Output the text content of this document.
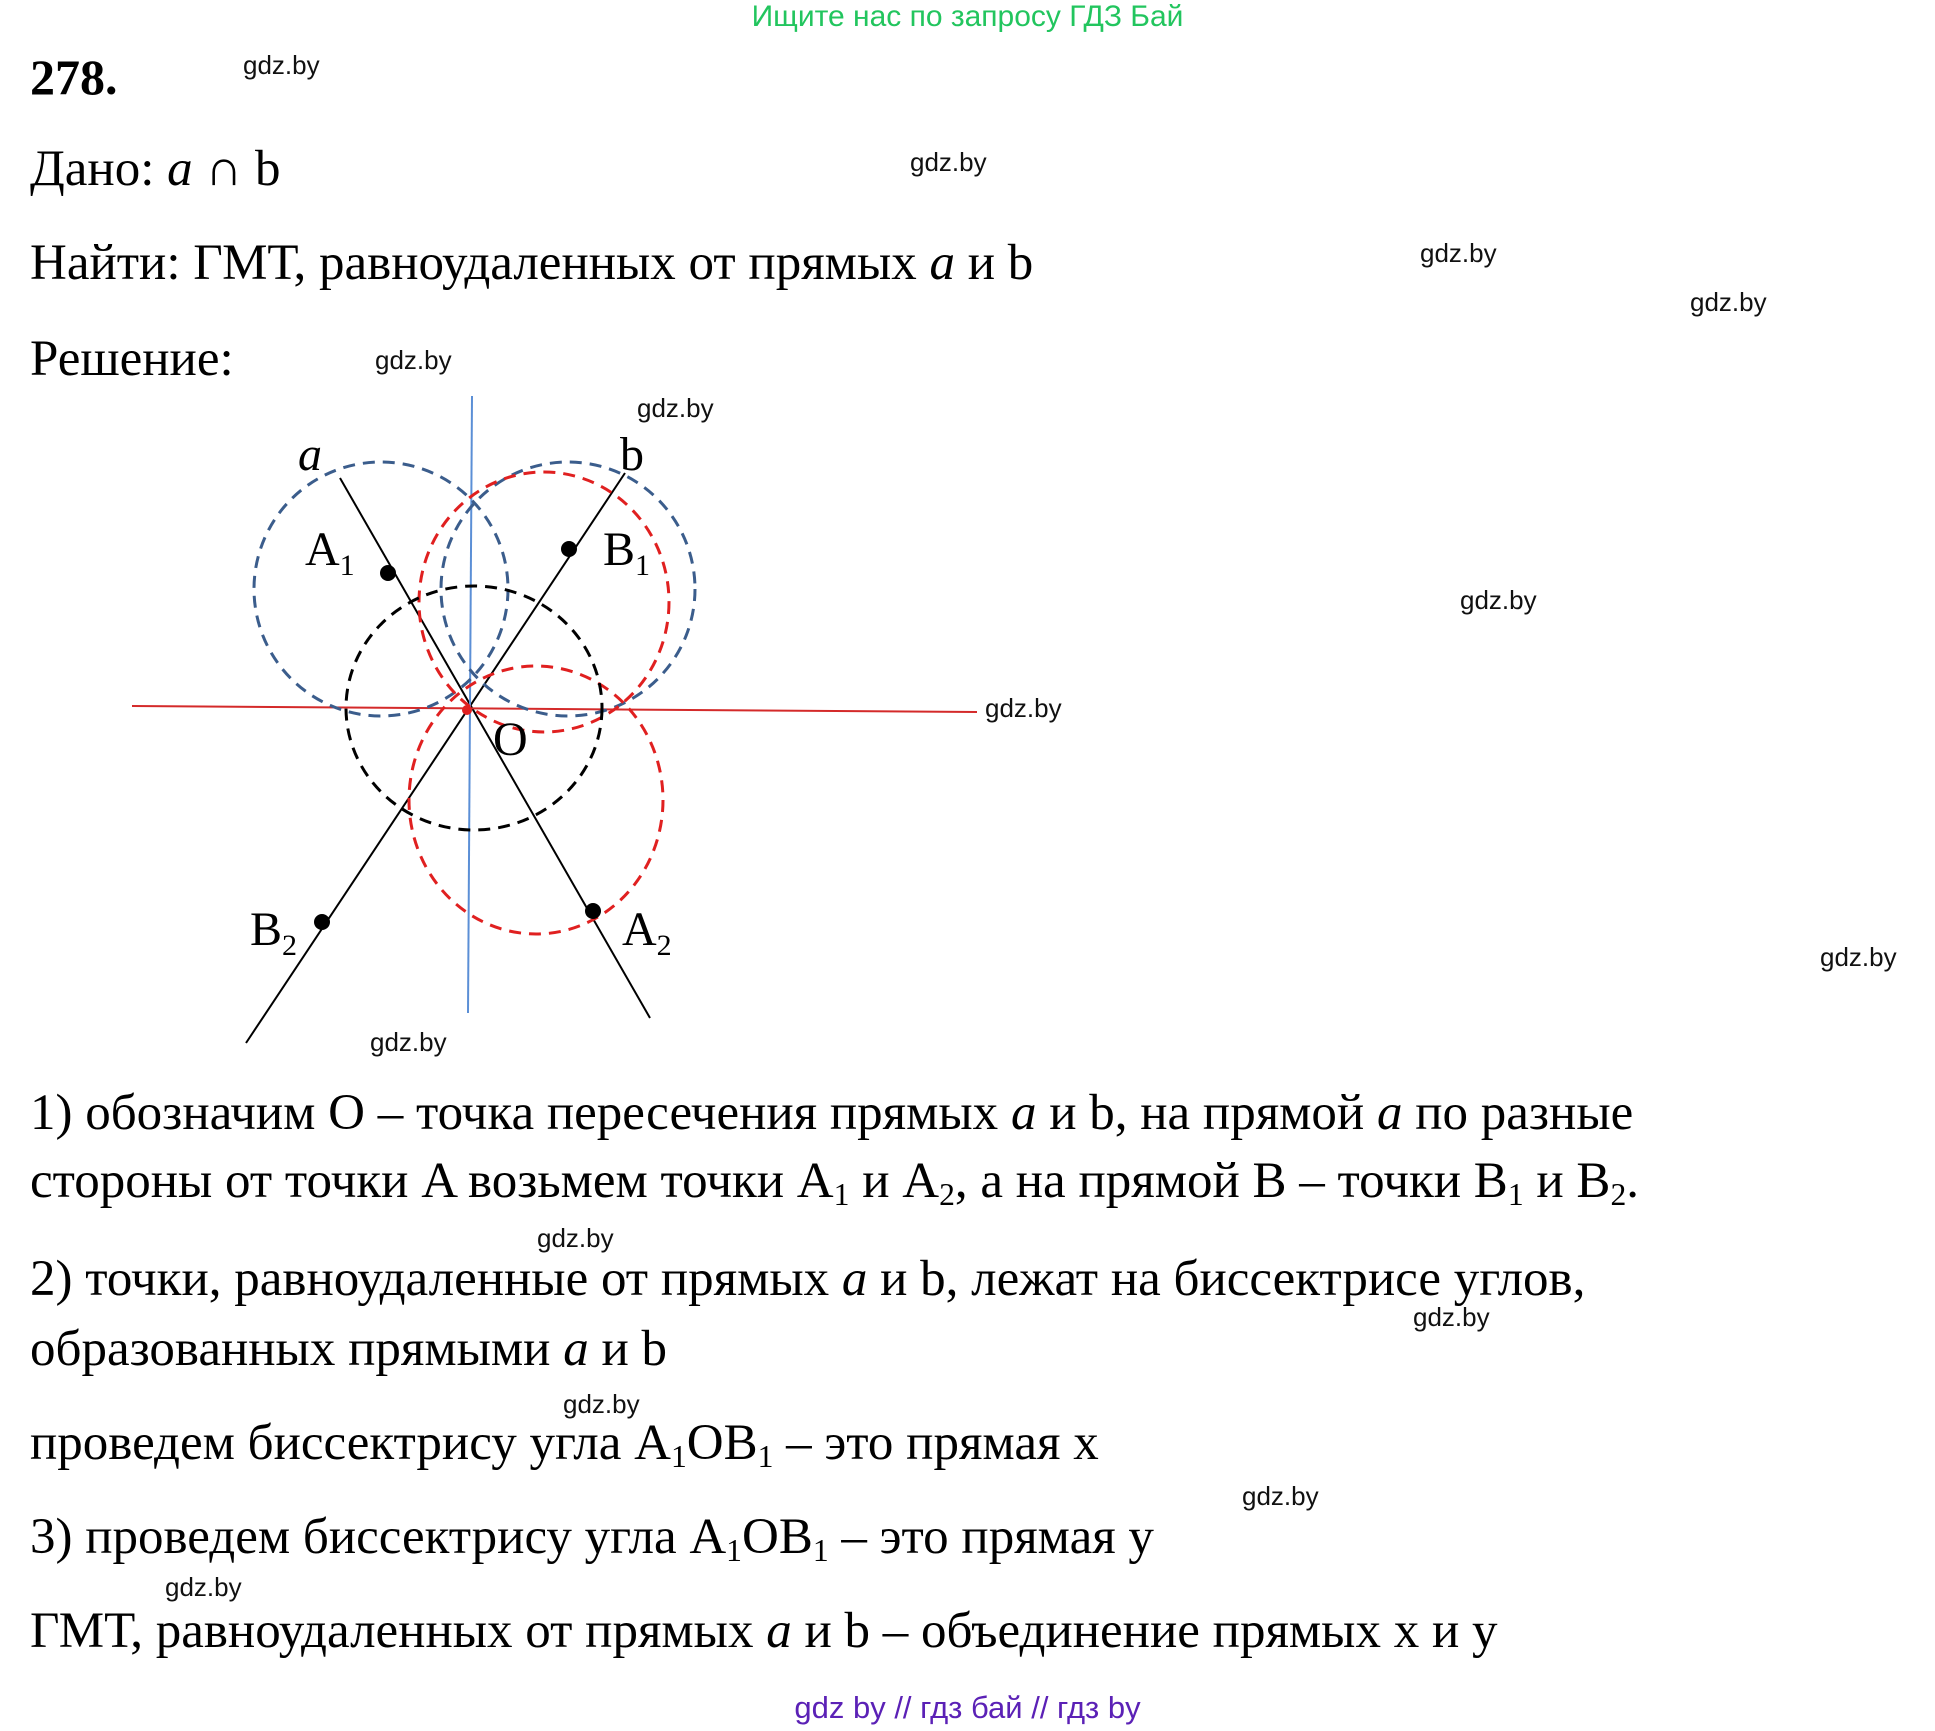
Ищите нас по запросу ГДЗ Бай
278.
Дано: a ∩ b
Найти: ГМТ, равноудаленных от прямых a и b
Решение:
a	b
$A_1$	$B_1$
O
$A_2$
$B_2$
1) обозначим O – точка пересечения прямых a и b, на прямой a по разные
стороны от точки A возьмем точки $A_1$ и $A_2$, а на прямой B – точки $B_1$ и $B_2$.
2) точки, равноудаленные от прямых a и b, лежат на биссектрисе углов,
образованных прямыми a и b
проведем биссектрису угла $A_1OB_1$ – это прямая x
3) проведем биссектрису угла $A_1OB_1$ – это прямая y
ГМТ, равноудаленных от прямых a и b – объединение прямых x и y
gdz.by
gdz.by
gdz.by
gdz.by
gdz.by
gdz.by
gdz.by
gdz.by
gdz.by
gdz.by
gdz.by
gdz.by
gdz.by
gdz.by
gdz.by
gdz by // гдз бай // гдз by
